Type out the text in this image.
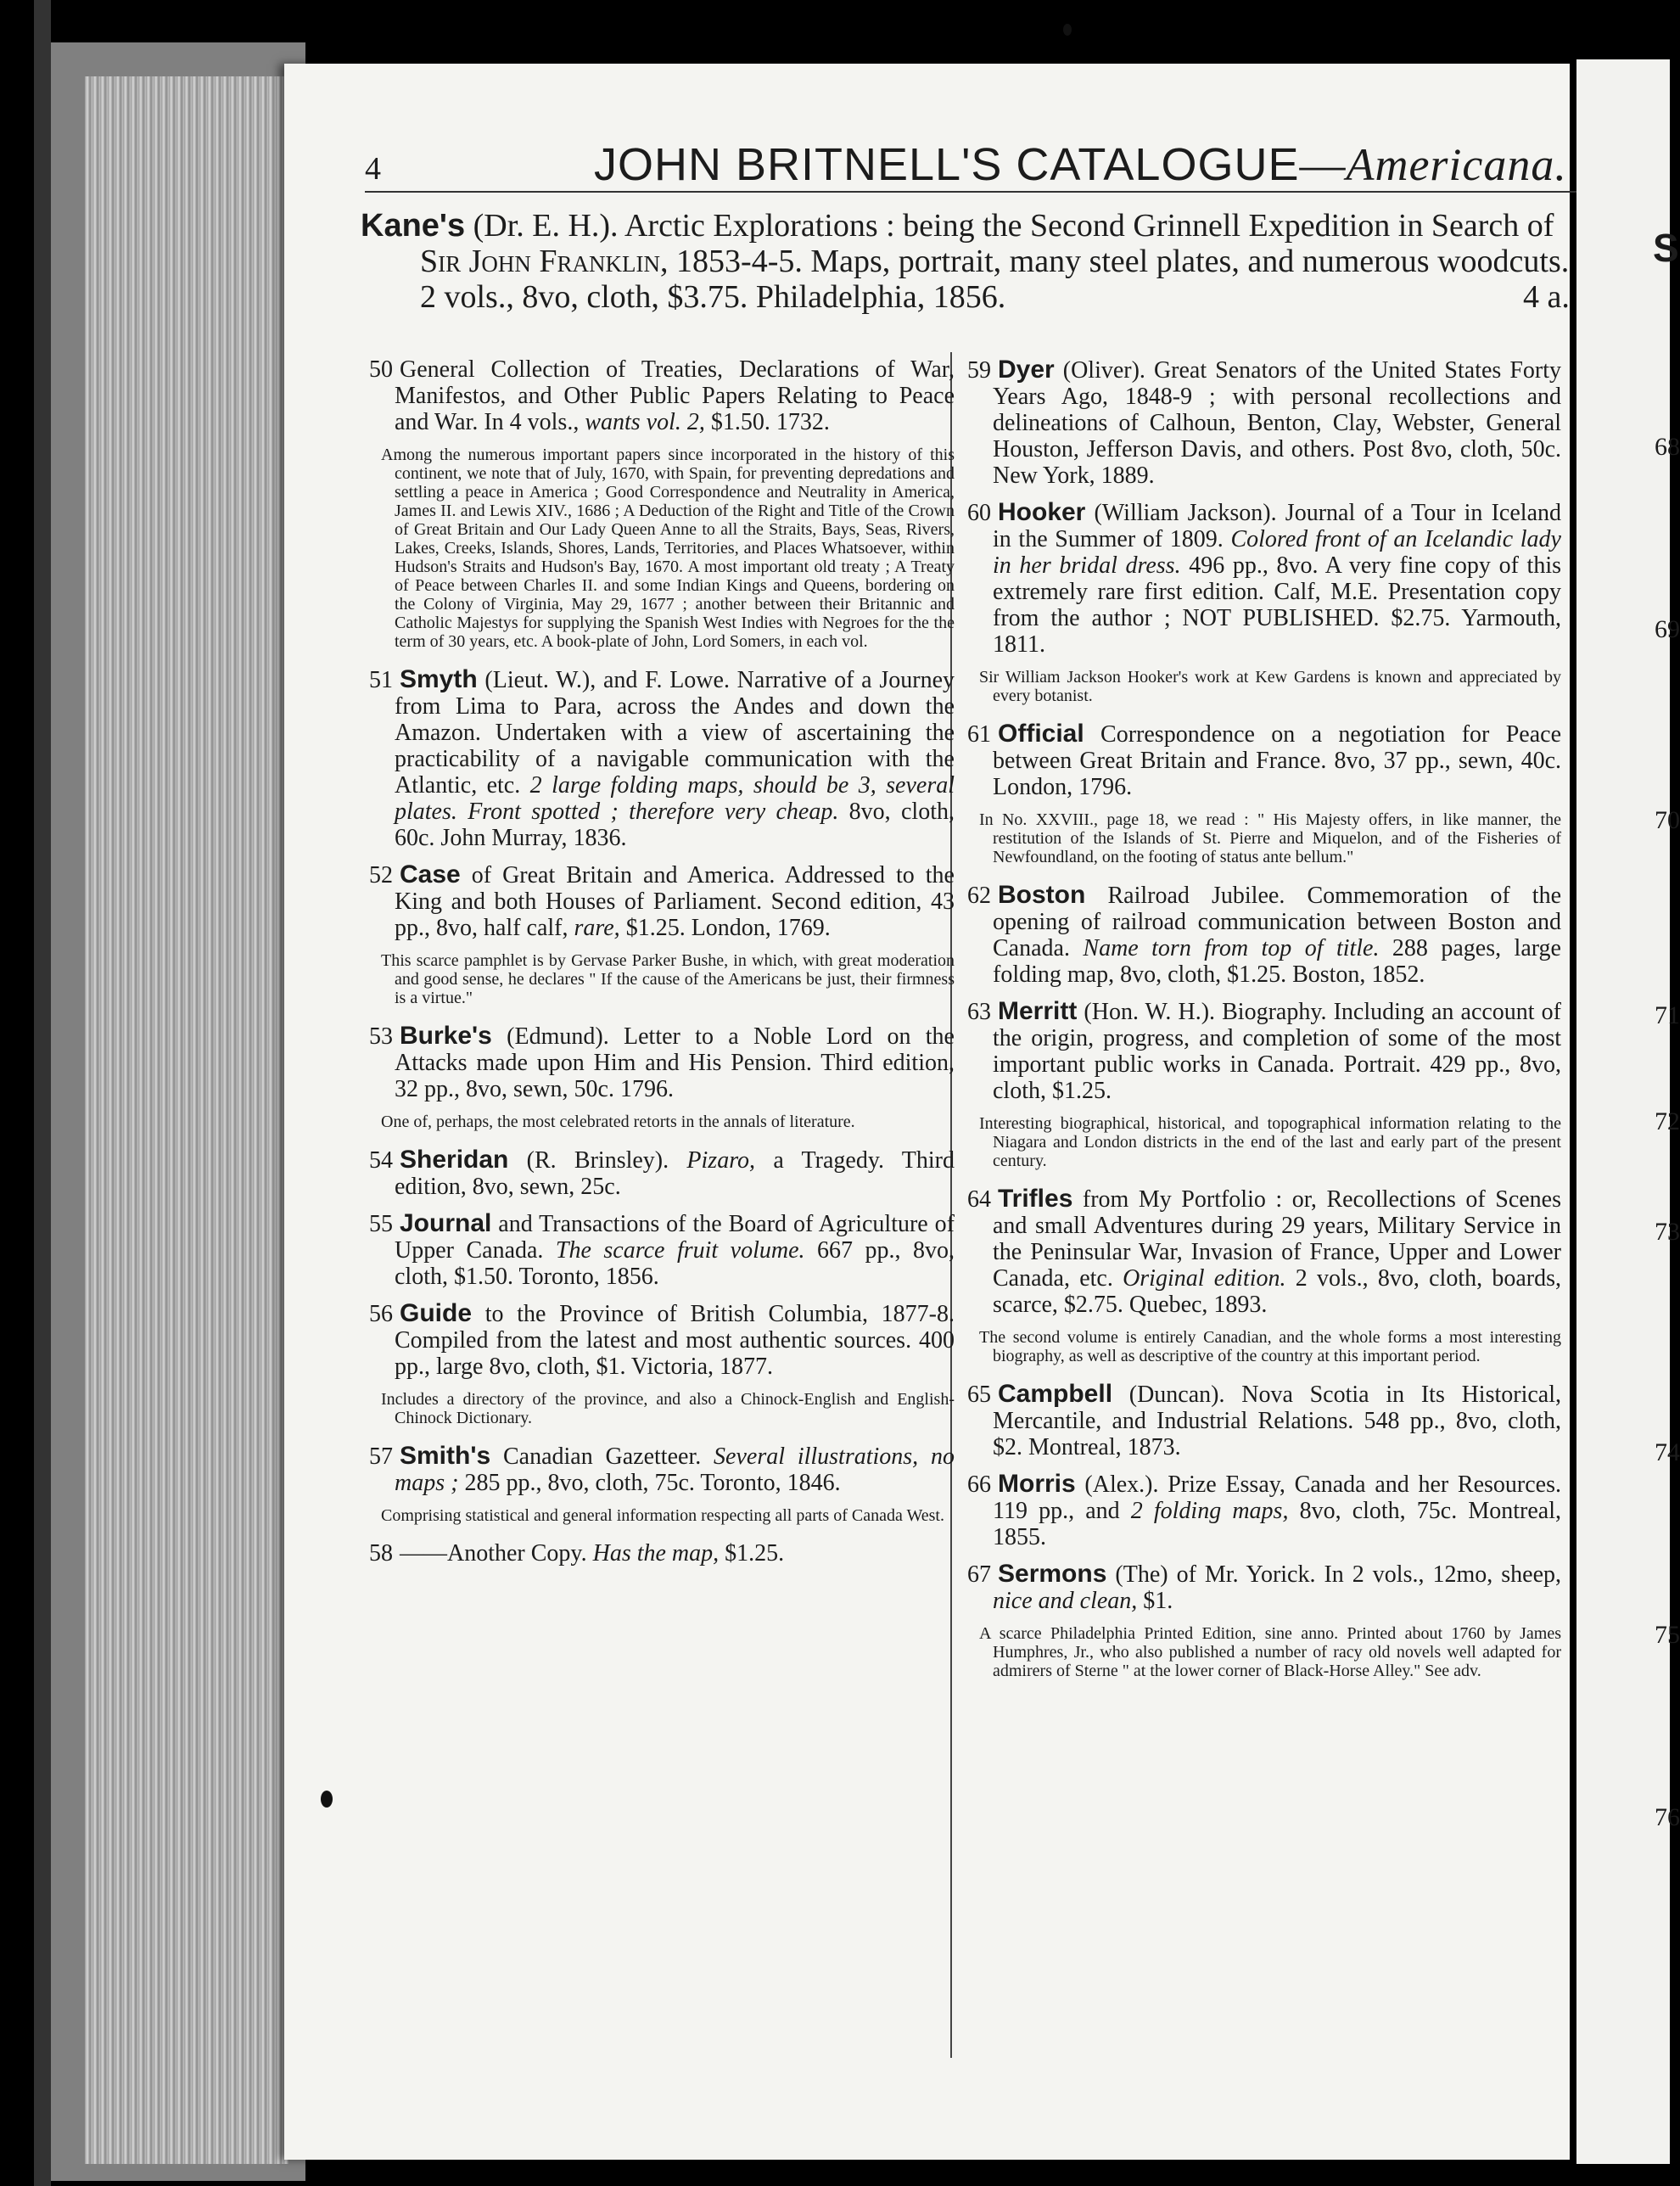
4	JOHN BRITNELL'S CATALOGUE—Americana.
Kane's (Dr. E. H.). Arctic Explorations : being the Second Grinnell Expedition in Search of Sir John Franklin, 1853-4-5. Maps, portrait, many steel plates, and numerous woodcuts. 2 vols., 8vo, cloth, $3.75. Philadelphia, 1856.	4 a.

50 General Collection of Treaties, Declarations of War, Manifestos, and Other Public Papers Relating to Peace and War. In 4 vols., wants vol. 2, $1.50. 1732.

Among the numerous important papers since incorporated in the history of this continent, we note that of July, 1670, with Spain, for preventing depredations and settling a peace in America ; Good Correspondence and Neutrality in America, James II. and Lewis XIV., 1686 ; A Deduction of the Right and Title of the Crown of Great Britain and Our Lady Queen Anne to all the Straits, Bays, Seas, Rivers, Lakes, Creeks, Islands, Shores, Lands, Territories, and Places Whatsoever, within Hudson's Straits and Hudson's Bay, 1670. A most important old treaty ; A Treaty of Peace between Charles II. and some Indian Kings and Queens, bordering on the Colony of Virginia, May 29, 1677 ; another between their Britannic and Catholic Majestys for supplying the Spanish West Indies with Negroes for the the term of 30 years, etc. A book-plate of John, Lord Somers, in each vol.

51 Smyth (Lieut. W.), and F. Lowe. Narrative of a Journey from Lima to Para, across the Andes and down the Amazon. Undertaken with a view of ascertaining the practicability of a navigable communication with the Atlantic, etc. 2 large folding maps, should be 3, several plates. Front spotted ; therefore very cheap. 8vo, cloth, 60c. John Murray, 1836.

52 Case of Great Britain and America. Addressed to the King and both Houses of Parliament. Second edition, 43 pp., 8vo, half calf, rare, $1.25. London, 1769.

This scarce pamphlet is by Gervase Parker Bushe, in which, with great moderation and good sense, he declares " If the cause of the Americans be just, their firmness is a virtue."

53 Burke's (Edmund). Letter to a Noble Lord on the Attacks made upon Him and His Pension. Third edition, 32 pp., 8vo, sewn, 50c. 1796.

One of, perhaps, the most celebrated retorts in the annals of literature.

54 Sheridan (R. Brinsley). Pizaro, a Tragedy. Third edition, 8vo, sewn, 25c.

55 Journal and Transactions of the Board of Agriculture of Upper Canada. The scarce fruit volume. 667 pp., 8vo, cloth, $1.50. Toronto, 1856.

56 Guide to the Province of British Columbia, 1877-8. Compiled from the latest and most authentic sources. 400 pp., large 8vo, cloth, $1. Victoria, 1877.

Includes a directory of the province, and also a Chinock-English and English-Chinock Dictionary.

57 Smith's Canadian Gazetteer. Several illustrations, no maps ; 285 pp., 8vo, cloth, 75c. Toronto, 1846.

Comprising statistical and general information respecting all parts of Canada West.

58 ——Another Copy. Has the map, $1.25.

59 Dyer (Oliver). Great Senators of the United States Forty Years Ago, 1848-9 ; with personal recollections and delineations of Calhoun, Benton, Clay, Webster, General Houston, Jefferson Davis, and others. Post 8vo, cloth, 50c. New York, 1889.

60 Hooker (William Jackson). Journal of a Tour in Iceland in the Summer of 1809. Colored front of an Icelandic lady in her bridal dress. 496 pp., 8vo. A very fine copy of this extremely rare first edition. Calf, M.E. Presentation copy from the author ; NOT PUBLISHED. $2.75. Yarmouth, 1811.

Sir William Jackson Hooker's work at Kew Gardens is known and appreciated by every botanist.

61 Official Correspondence on a negotiation for Peace between Great Britain and France. 8vo, 37 pp., sewn, 40c. London, 1796.

In No. XXVIII., page 18, we read : " His Majesty offers, in like manner, the restitution of the Islands of St. Pierre and Miquelon, and of the Fisheries of Newfoundland, on the footing of status ante bellum."

62 Boston Railroad Jubilee. Commemoration of the opening of railroad communication between Boston and Canada. Name torn from top of title. 288 pages, large folding map, 8vo, cloth, $1.25. Boston, 1852.

63 Merritt (Hon. W. H.). Biography. Including an account of the origin, progress, and completion of some of the most important public works in Canada. Portrait. 429 pp., 8vo, cloth, $1.25.

Interesting biographical, historical, and topographical information relating to the Niagara and London districts in the end of the last and early part of the present century.

64 Trifles from My Portfolio : or, Recollections of Scenes and small Adventures during 29 years, Military Service in the Peninsular War, Invasion of France, Upper and Lower Canada, etc. Original edition. 2 vols., 8vo, cloth, boards, scarce, $2.75. Quebec, 1893.

The second volume is entirely Canadian, and the whole forms a most interesting biography, as well as descriptive of the country at this important period.

65 Campbell (Duncan). Nova Scotia in Its Historical, Mercantile, and Industrial Relations. 548 pp., 8vo, cloth, $2. Montreal, 1873.

66 Morris (Alex.). Prize Essay, Canada and her Resources. 119 pp., and 2 folding maps, 8vo, cloth, 75c. Montreal, 1855.

67 Sermons (The) of Mr. Yorick. In 2 vols., 12mo, sheep, nice and clean, $1.

A scarce Philadelphia Printed Edition, sine anno. Printed about 1760 by James Humphres, Jr., who also published a number of racy old novels well adapted for admirers of Sterne " at the lower corner of Black-Horse Alley." See adv.

S
68
69
70
71
72
73
74
75
76
